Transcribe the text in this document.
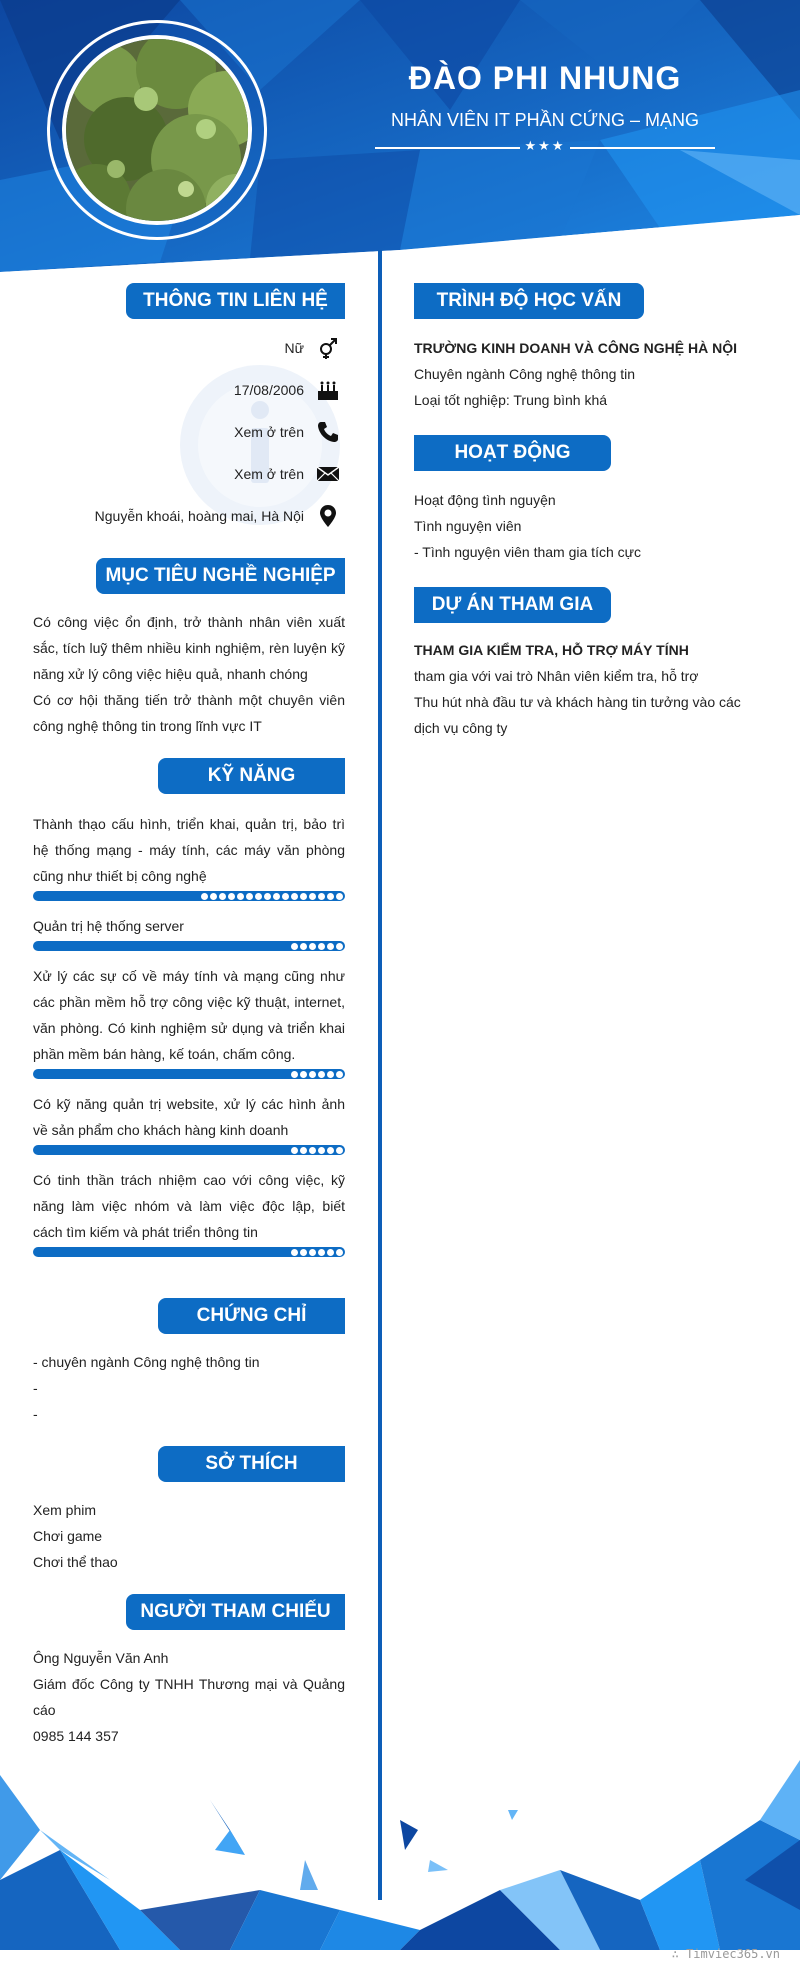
ĐÀO PHI NHUNG
NHÂN VIÊN IT PHẦN CỨNG – MẠNG
★★★
THÔNG TIN LIÊN HỆ
Nữ
17/08/2006
Xem ở trên
Xem ở trên
Nguyễn khoái, hoàng mai, Hà Nội
MỤC TIÊU NGHỀ NGHIỆP
Có công việc ổn định, trở thành nhân viên xuất sắc, tích luỹ thêm nhiều kinh nghiệm, rèn luyện kỹ năng xử lý công việc hiệu quả, nhanh chóng
Có cơ hội thăng tiến trở thành một chuyên viên công nghệ thông tin trong lĩnh vực IT
KỸ NĂNG
Thành thạo cấu hình, triển khai, quản trị, bảo trì hệ thống mạng - máy tính, các máy văn phòng cũng như thiết bị công nghệ
Quản trị hệ thống server
Xử lý các sự cố về máy tính và mạng cũng như các phần mềm hỗ trợ công việc kỹ thuật, internet, văn phòng. Có kinh nghiệm sử dụng và triển khai phần mềm bán hàng, kế toán, chấm công.
Có kỹ năng quản trị website, xử lý các hình ảnh về sản phẩm cho khách hàng kinh doanh
Có tinh thần trách nhiệm cao với công việc, kỹ năng làm việc nhóm và làm việc độc lập, biết cách tìm kiếm và phát triển thông tin
CHỨNG CHỈ
- chuyên ngành Công nghệ thông tin
-
-
SỞ THÍCH
Xem phim
Chơi game
Chơi thể thao
NGƯỜI THAM CHIẾU
Ông Nguyễn Văn Anh
Giám đốc Công ty TNHH Thương mại và Quảng cáo
0985 144 357
TRÌNH ĐỘ HỌC VẤN
TRƯỜNG KINH DOANH VÀ CÔNG NGHỆ HÀ NỘI
Chuyên ngành Công nghệ thông tin
Loại tốt nghiệp: Trung bình khá
HOẠT ĐỘNG
Hoạt động tình nguyện
Tình nguyện viên
- Tình nguyện viên tham gia tích cực
DỰ ÁN THAM GIA
THAM GIA KIỂM TRA, HỖ TRỢ MÁY TÍNH
tham gia với vai trò Nhân viên kiểm tra, hỗ trợ
Thu hút nhà đầu tư và khách hàng tin tưởng vào các dịch vụ công ty
∴ Timviec365.vn
